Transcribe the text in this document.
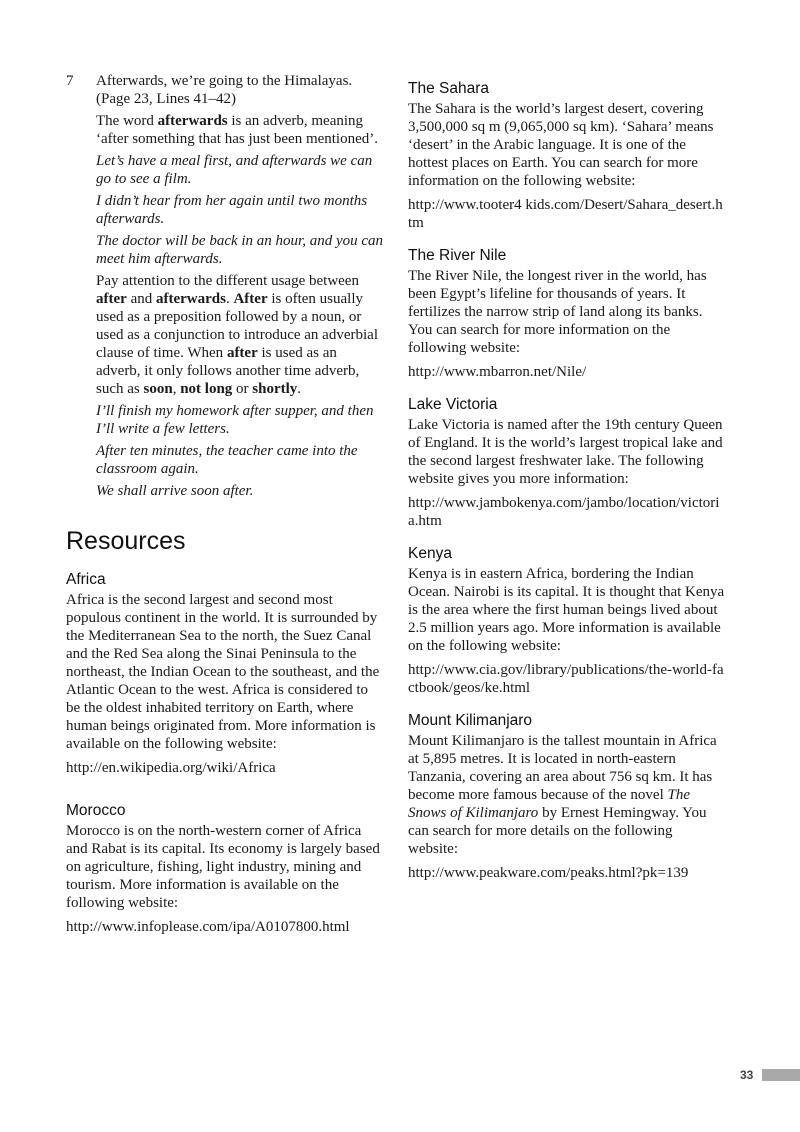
7 Afterwards, we’re going to the Himalayas. (Page 23, Lines 41–42)

The word afterwards is an adverb, meaning ‘after something that has just been mentioned’.

Let’s have a meal first, and afterwards we can go to see a film.

I didn’t hear from her again until two months afterwards.

The doctor will be back in an hour, and you can meet him afterwards.

Pay attention to the different usage between after and afterwards. After is often usually used as a preposition followed by a noun, or used as a conjunction to introduce an adverbial clause of time. When after is used as an adverb, it only follows another time adverb, such as soon, not long or shortly.

I’ll finish my homework after supper, and then I’ll write a few letters.

After ten minutes, the teacher came into the classroom again.

We shall arrive soon after.

Resources
Africa

Africa is the second largest and second most populous continent in the world. It is surrounded by the Mediterranean Sea to the north, the Suez Canal and the Red Sea along the Sinai Peninsula to the northeast, the Indian Ocean to the southeast, and the Atlantic Ocean to the west. Africa is considered to be the oldest inhabited territory on Earth, where human beings originated from. More information is available on the following website:

http://en.wikipedia.org/wiki/Africa

Morocco

Morocco is on the north-western corner of Africa and Rabat is its capital. Its economy is largely based on agriculture, fishing, light industry, mining and tourism. More information is available on the following website:

http://www.infoplease.com/ipa/A0107800.html

The Sahara

The Sahara is the world’s largest desert, covering 3,500,000 sq m (9,065,000 sq km). ‘Sahara’ means ‘desert’ in the Arabic language. It is one of the hottest places on Earth. You can search for more information on the following website:

http://www.tooter4 kids.com/Desert/Sahara_desert.htm

The River Nile

The River Nile, the longest river in the world, has been Egypt’s lifeline for thousands of years. It fertilizes the narrow strip of land along its banks. You can search for more information on the following website:

http://www.mbarron.net/Nile/

Lake Victoria

Lake Victoria is named after the 19th century Queen of England. It is the world’s largest tropical lake and the second largest freshwater lake. The following website gives you more information:

http://www.jambokenya.com/jambo/location/victoria.htm

Kenya

Kenya is in eastern Africa, bordering the Indian Ocean. Nairobi is its capital. It is thought that Kenya is the area where the first human beings lived about 2.5 million years ago. More information is available on the following website:

http://www.cia.gov/library/publications/the-world-factbook/geos/ke.html

Mount Kilimanjaro

Mount Kilimanjaro is the tallest mountain in Africa at 5,895 metres. It is located in north-eastern Tanzania, covering an area about 756 sq km. It has become more famous because of the novel The Snows of Kilimanjaro by Ernest Hemingway. You can search for more details on the following website:

http://www.peakware.com/peaks.html?pk=139

33
